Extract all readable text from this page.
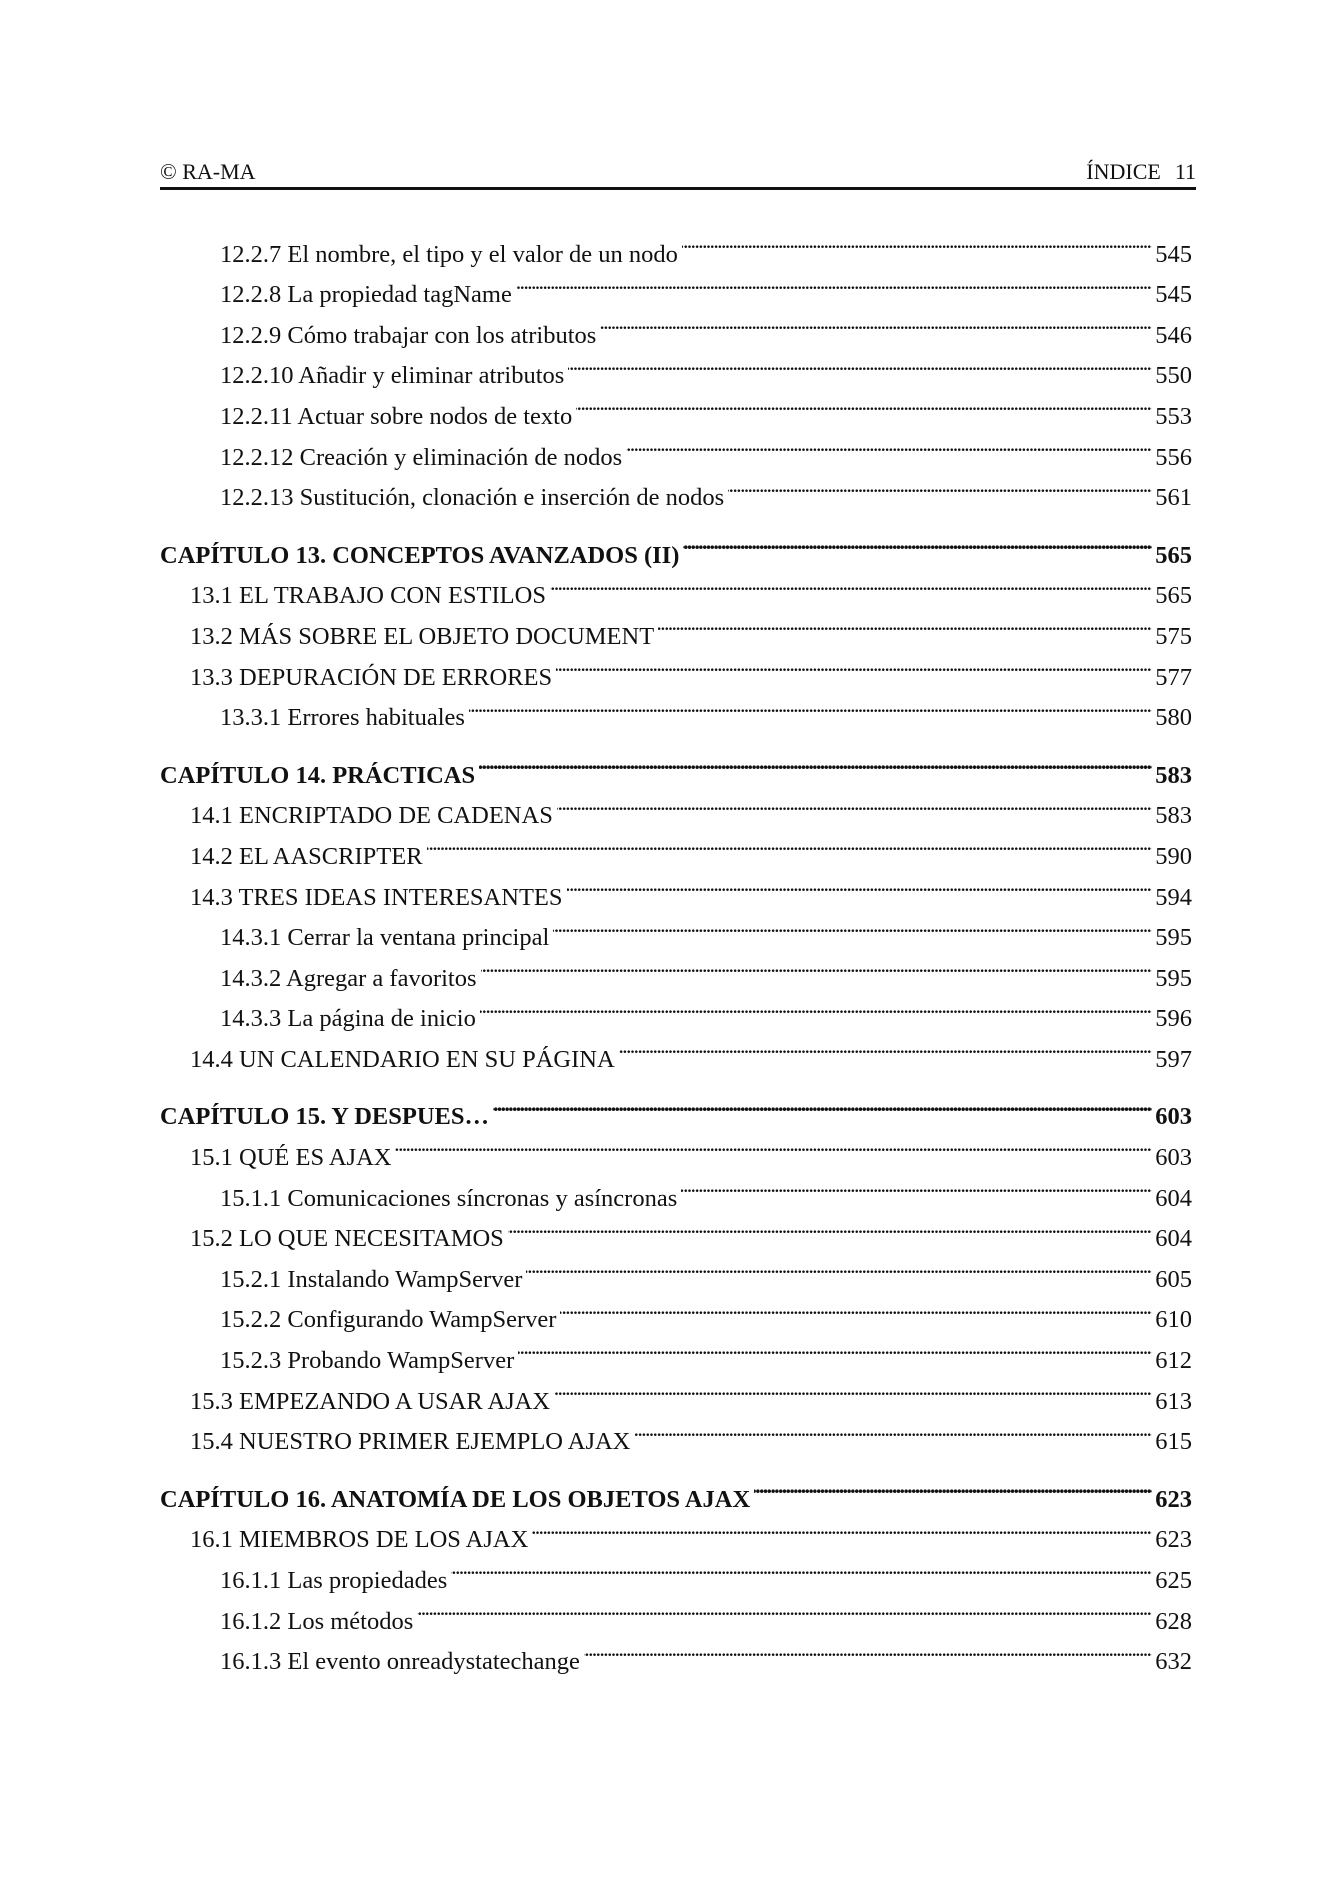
© RA-MA	ÍNDICE 11
12.2.7 El nombre, el tipo y el valor de un nodo . . .	545
12.2.8 La propiedad tagName . . .	545
12.2.9 Cómo trabajar con los atributos . . .	546
12.2.10 Añadir y eliminar atributos . . .	550
12.2.11 Actuar sobre nodos de texto . . .	553
12.2.12 Creación y eliminación de nodos . . .	556
12.2.13 Sustitución, clonación e inserción de nodos . . .	561
CAPÍTULO 13. CONCEPTOS AVANZADOS (II) . . .	565
13.1 EL TRABAJO CON ESTILOS . . .	565
13.2 MÁS SOBRE EL OBJETO DOCUMENT . . .	575
13.3 DEPURACIÓN DE ERRORES . . .	577
13.3.1 Errores habituales . . .	580
CAPÍTULO 14. PRÁCTICAS . . .	583
14.1 ENCRIPTADO DE CADENAS . . .	583
14.2 EL AASCRIPTER . . .	590
14.3 TRES IDEAS INTERESANTES . . .	594
14.3.1 Cerrar la ventana principal . . .	595
14.3.2 Agregar a favoritos . . .	595
14.3.3 La página de inicio . . .	596
14.4 UN CALENDARIO EN SU PÁGINA . . .	597
CAPÍTULO 15. Y DESPUES… . . .	603
15.1 QUÉ ES AJAX . . .	603
15.1.1 Comunicaciones síncronas y asíncronas . . .	604
15.2 LO QUE NECESITAMOS . . .	604
15.2.1 Instalando WampServer . . .	605
15.2.2 Configurando WampServer . . .	610
15.2.3 Probando WampServer . . .	612
15.3 EMPEZANDO A USAR AJAX . . .	613
15.4 NUESTRO PRIMER EJEMPLO AJAX . . .	615
CAPÍTULO 16. ANATOMÍA DE LOS OBJETOS AJAX . . .	623
16.1 MIEMBROS DE LOS AJAX . . .	623
16.1.1 Las propiedades . . .	625
16.1.2 Los métodos . . .	628
16.1.3 El evento onreadystatechange . . .	632
